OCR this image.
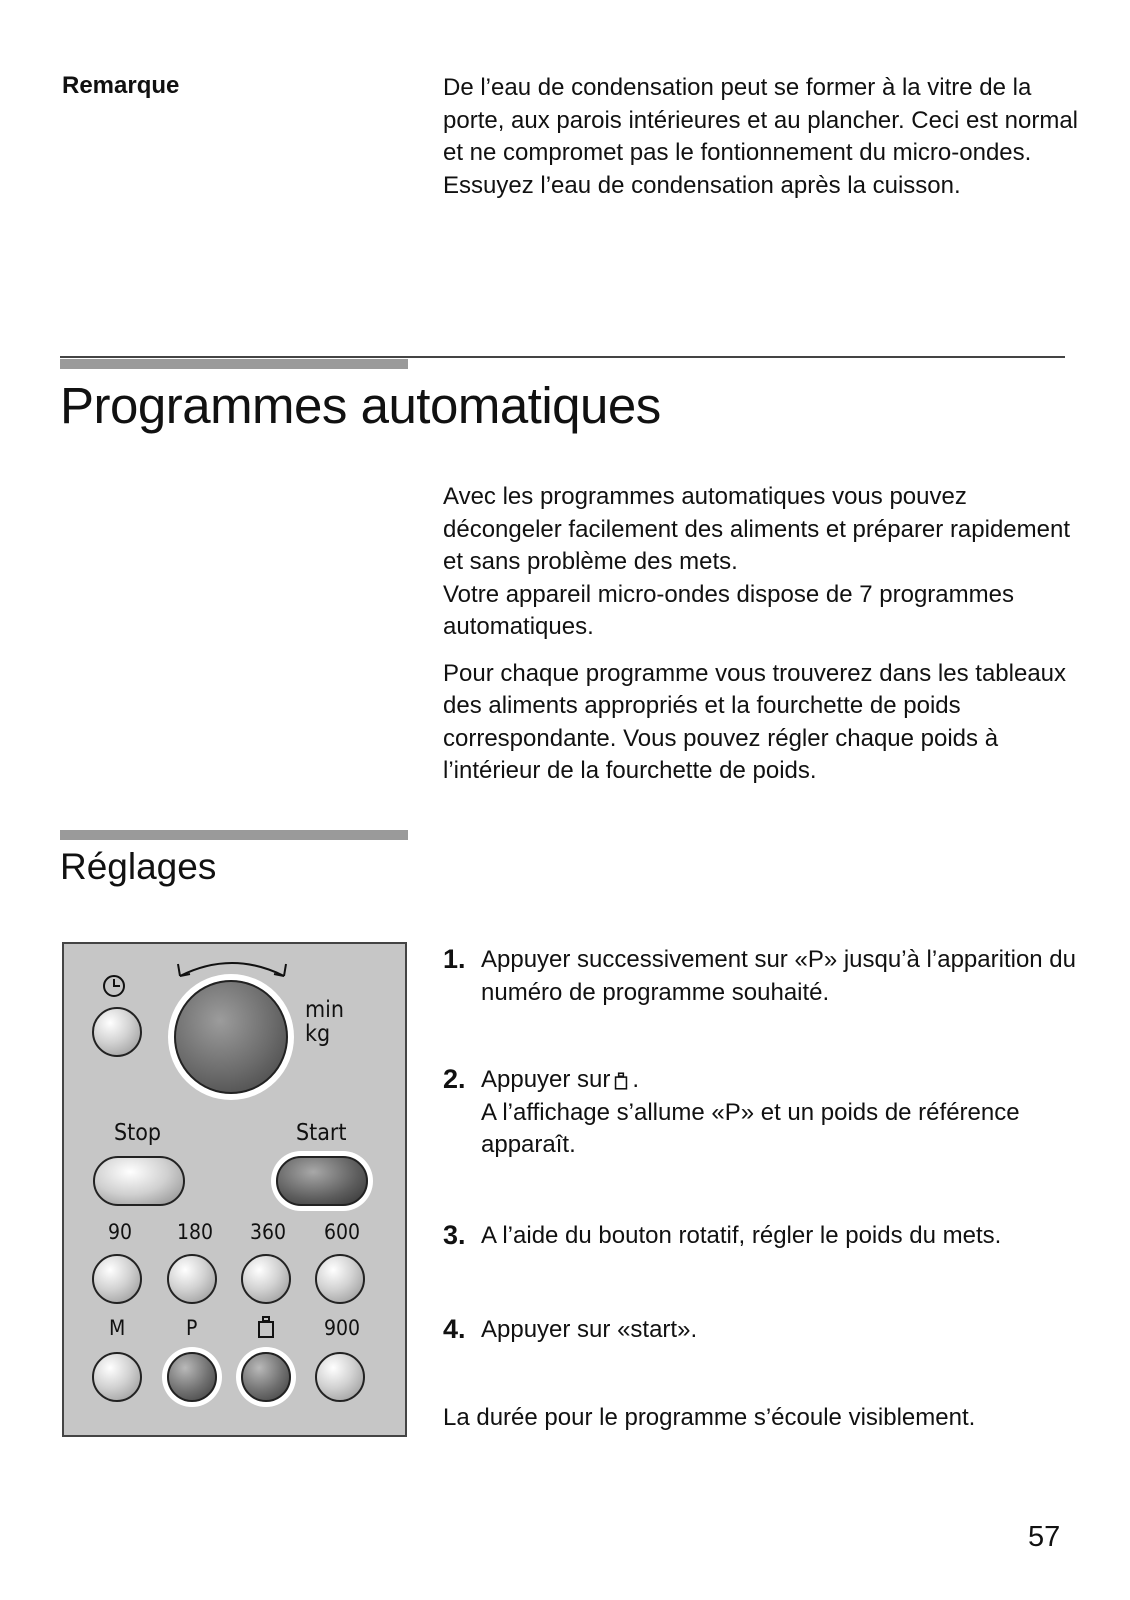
Remarque	De l’eau de condensation peut se former à la vitre de la porte, aux parois intérieures et au plancher. Ceci est normal et ne compromet pas le fontionnement du micro-ondes. Essuyez l’eau de condensation après la cuisson.
Programmes automatiques

Avec les programmes automatiques vous pouvez décongeler facilement des aliments et préparer rapidement et sans problème des mets.
Votre appareil micro-ondes dispose de 7 programmes automatiques.

Pour chaque programme vous trouverez dans les tableaux des aliments appropriés et la fourchette de poids correspondante. Vous pouvez régler chaque poids à l’intérieur de la fourchette de poids.

Réglages
min
kg
Stop	Start
90 180 360 600
M	P	900
1. Appuyer successivement sur «P» jusqu’à l’apparition du numéro de programme souhaité.
2. Appuyer sur .
A l’affichage s’allume «P» et un poids de référence apparaît.
3. A l’aide du bouton rotatif, régler le poids du mets.
4. Appuyer sur «start».
La durée pour le programme s’écoule visiblement.
57
